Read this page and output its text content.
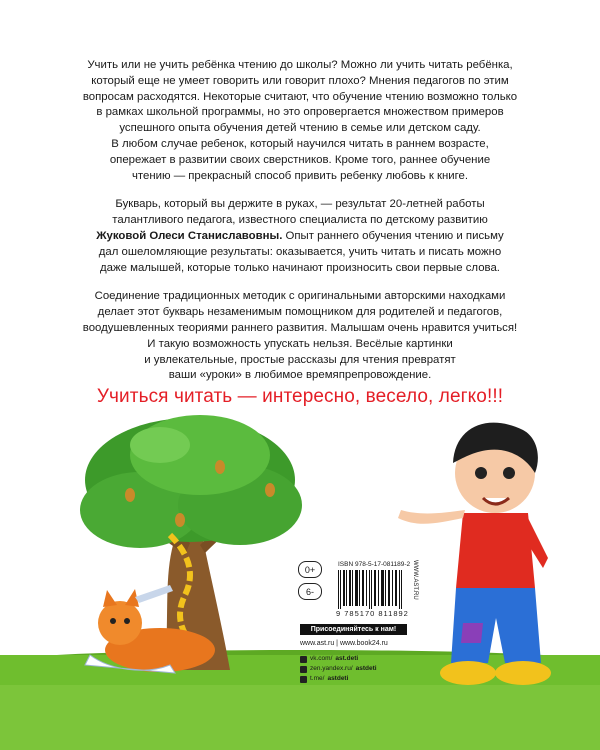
Учить или не учить ребёнка чтению до школы? Можно ли учить читать ребёнка,
который еще не умеет говорить или говорит плохо? Мнения педагогов по этим
вопросам расходятся. Некоторые считают, что обучение чтению возможно только
в рамках школьной программы, но это опровергается множеством примеров
успешного опыта обучения детей чтению в семье или детском саду.
В любом случае ребенок, который научился читать в раннем возрасте,
опережает в развитии своих сверстников. Кроме того, раннее обучение
чтению — прекрасный способ привить ребенку любовь к книге.

Букварь, который вы держите в руках, — результат 20-летней работы
талантливого педагога, известного специалиста по детскому развитию
Жуковой Олеси Станиславовны. Опыт раннего обучения чтению и письму
дал ошеломляющие результаты: оказывается, учить читать и писать можно
даже малышей, которые только начинают произносить свои первые слова.

Соединение традиционных методик с оригинальными авторскими находками
делает этот букварь незаменимым помощником для родителей и педагогов,
воодушевленных теориями раннего развития. Малышам очень нравится учиться!
И такую возможность упускать нельзя. Весёлые картинки
и увлекательные, простые рассказы для чтения превратят
ваши «уроки» в любимое времяпрепровождение.

Учиться читать — интересно, весело, легко!!!
0+
6-
ISBN 978-5-17-081189-2
9 785170 811892
WWW.AST.RU
Присоединяйтесь к нам!
www.ast.ru | www.book24.ru
vk.com/ ast.deti
zen.yandex.ru/ astdeti
t.me/ astdeti
